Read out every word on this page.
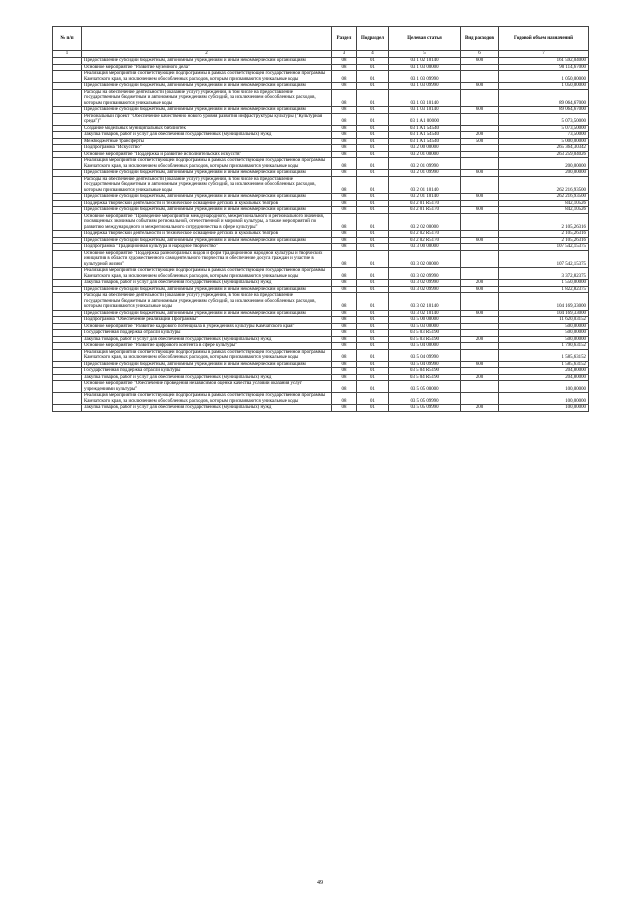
№ п/п		Раздел	Подраздел	Целевая статья	Вид расходов	Годовой объем назначений
1	2	3	4	5	6	7
	Предоставление субсидий бюджетным, автономным учреждениям и иным некоммерческим организациям	08	01	03 1 02 10140	600	161 592,04000
	Основное мероприятие "Развитие музейного дела"	08	01	03 1 03 00000		90 114,67000
	Реализация мероприятий соответствующей подпрограммы в рамках соответствующей государственной программы Камчатского края, за исключением обособленных расходов, которым присваиваются уникальные коды	08	01	03 1 03 09990		1 050,00000
	Предоставление субсидий бюджетным, автономным учреждениям и иным некоммерческим организациям	08	01	03 1 03 09990	600	1 050,00000
	Расходы на обеспечение деятельности (оказание услуг) учреждений, в том числе на предоставление государственным бюджетным и автономным учреждениям субсидий, за исключением обособленных расходов, которым присваиваются уникальные коды	08	01	03 1 03 10140		89 064,67000
	Предоставление субсидий бюджетным, автономным учреждениям и иным некоммерческим организациям	08	01	03 1 03 10140	600	89 064,67000
	Региональный проект "Обеспечение качественно нового уровня развития инфраструктуры культуры ("Культурная среда")"	08	01	03 1 A1 00000		5 073,50000
	Создание модельных муниципальных библиотек	08	01	03 1 A1 54540		5 073,50000
	Закупка товаров, работ и услуг для обеспечения государственных (муниципальных) нужд	08	01	03 1 A1 54540	200	73,50000
	Межбюджетные трансферты	08	01	03 1 A1 54540	500	5 000,00000
	Подпрограмма "Искусство"	08	01	03 2 00 00000		265 364,30342
	Основное мероприятие "Поддержка и развитие исполнительских искусств"	08	01	03 2 01 00000		263 259,04026
	Реализация мероприятий соответствующей подпрограммы в рамках соответствующей государственной программы Камчатского края, за исключением обособленных расходов, которым присваиваются уникальные коды	08	01	03 2 01 09990		200,00000
	Предоставление субсидий бюджетным, автономным учреждениям и иным некоммерческим организациям	08	01	03 2 01 09990	600	200,00000
	Расходы на обеспечение деятельности (оказание услуг) учреждений, в том числе на предоставление государственным бюджетным и автономным учреждениям субсидий, за исключением обособленных расходов, которым присваиваются уникальные коды	08	01	03 2 01 10140		262 216,93500
	Предоставление субсидий бюджетным, автономным учреждениям и иным некоммерческим организациям	08	01	03 2 01 10140	600	262 216,93500
	Поддержка творческой деятельности и техническое оснащение детских и кукольных театров	08	01	03 2 01 R5170		842,10526
	Предоставление субсидий бюджетным, автономным учреждениям и иным некоммерческим организациям	08	01	03 2 01 R5170	600	842,10526
	Основное мероприятие "Проведение мероприятий международного, межрегионального и регионального значения, посвященных значимым событиям региональной, отечественной и мировой культуры, а также мероприятий по развитию международного и межрегионального сотрудничества в сфере культуры"	08	01	03 2 02 00000		2 105,26316
	Поддержка творческой деятельности и техническое оснащение детских и кукольных театров	08	01	03 2 02 R5170		2 105,26316
	Предоставление субсидий бюджетным, автономным учреждениям и иным некоммерческим организациям	08	01	03 2 02 R5170	600	2 105,26316
	Подпрограмма "Традиционная культура и народное творчество"	08	01	03 3 00 00000		107 542,15375
	Основное мероприятие "Поддержка разнообразных видов и форм традиционной народной культуры и творческих инициатив в области художественного самодеятельного творчества и обеспечение досуга граждан и участие в культурной жизни"	08	01	03 3 02 00000		107 542,15375
	Реализация мероприятий соответствующей подпрограммы в рамках соответствующей государственной программы Камчатского края, за исключением обособленных расходов, которым присваиваются уникальные коды	08	01	03 3 02 09990		3 372,82375
	Закупка товаров, работ и услуг для обеспечения государственных (муниципальных) нужд	08	01	03 3 02 09990	200	1 550,00000
	Предоставление субсидий бюджетным, автономным учреждениям и иным некоммерческим организациям	08	01	03 3 02 09990	600	1 822,82375
	Расходы на обеспечение деятельности (оказание услуг) учреждений, в том числе на предоставление государственным бюджетным и автономным учреждениям субсидий, за исключением обособленных расходов, которым присваиваются уникальные коды	08	01	03 3 02 10140		104 169,33000
	Предоставление субсидий бюджетным, автономным учреждениям и иным некоммерческим организациям	08	01	03 3 02 10140	600	104 169,33000
	Подпрограмма "Обеспечение реализации Программы"	08	01	03 5 00 00000		11 620,03152
	Основное мероприятие "Развитие кадрового потенциала в учреждениях культуры Камчатского края"	08	01	03 5 03 00000		500,00000
	Государственная поддержка отрасли культуры	08	01	03 5 03 R5190		500,00000
	Закупка товаров, работ и услуг для обеспечения государственных (муниципальных) нужд	08	01	03 5 03 R5190	200	500,00000
	Основное мероприятие "Развитие цифрового контента в сфере культуры"	08	01	03 5 04 00000		1 790,63152
	Реализация мероприятий соответствующей подпрограммы в рамках соответствующей государственной программы Камчатского края, за исключением обособленных расходов, которым присваиваются уникальные коды	08	01	03 5 04 09990		1 585,63152
	Предоставление субсидий бюджетным, автономным учреждениям и иным некоммерческим организациям	08	01	03 5 04 09990	600	1 585,63152
	Государственная поддержка отрасли культуры	08	01	03 5 04 R5190		204,80000
	Закупка товаров, работ и услуг для обеспечения государственных (муниципальных) нужд	08	01	03 5 04 R5190	200	204,80000
	Основное мероприятие "Обеспечение проведения независимой оценки качества условий оказания услуг учреждениями культуры"	08	01	03 5 05 00000		100,00000
	Реализация мероприятий соответствующей подпрограммы в рамках соответствующей государственной программы Камчатского края, за исключением обособленных расходов, которым присваиваются уникальные коды	08	01	03 5 05 09990		100,00000
	Закупка товаров, работ и услуг для обеспечения государственных (муниципальных) нужд	08	01	03 5 05 09990	200	100,00000
49
